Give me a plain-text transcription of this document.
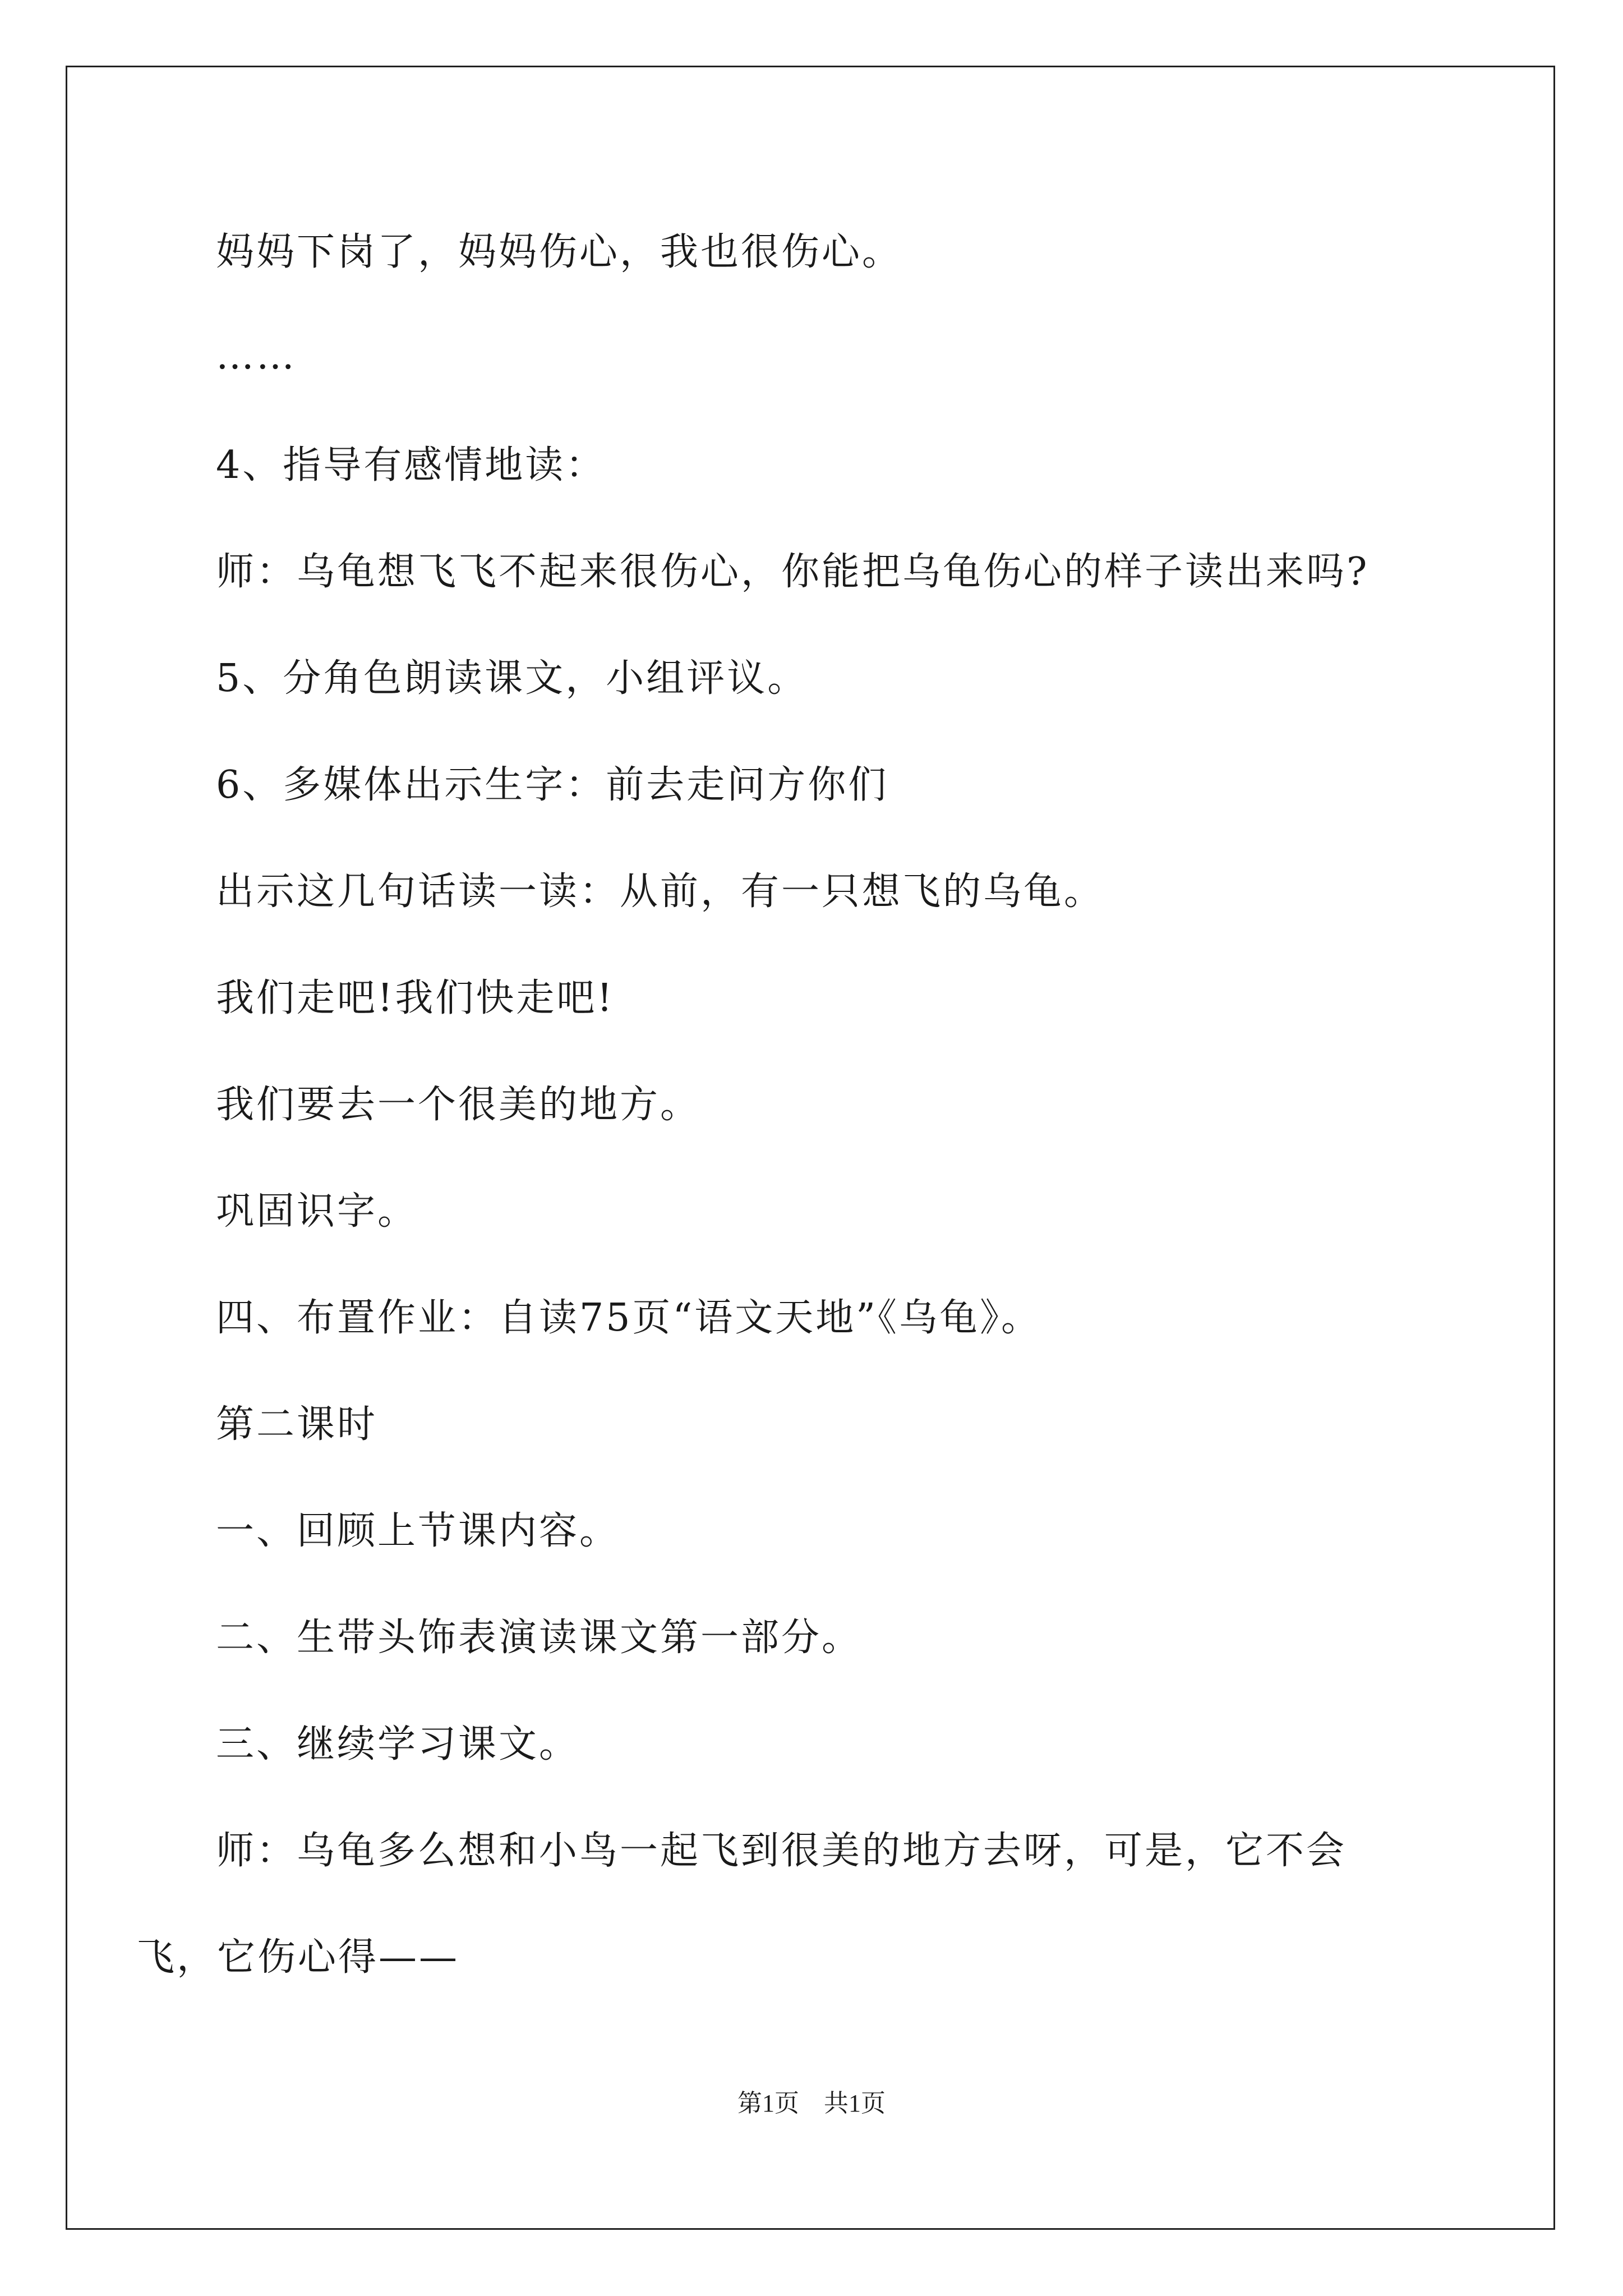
妈妈下岗了，妈妈伤心，我也很伤心。
……
4、指导有感情地读：
师：乌龟想飞飞不起来很伤心，你能把乌龟伤心的样子读出来吗?
5、分角色朗读课文，小组评议。
6、多媒体出示生字：前去走问方你们
出示这几句话读一读：从前，有一只想飞的乌龟。
我们走吧!我们快走吧!
我们要去一个很美的地方。
巩固识字。
四、布置作业：自读75页“语文天地”《乌龟》。
第二课时
一、回顾上节课内容。
二、生带头饰表演读课文第一部分。
三、继续学习课文。
师：乌龟多么想和小鸟一起飞到很美的地方去呀，可是，它不会
飞，它伤心得——
第1页　共1页
